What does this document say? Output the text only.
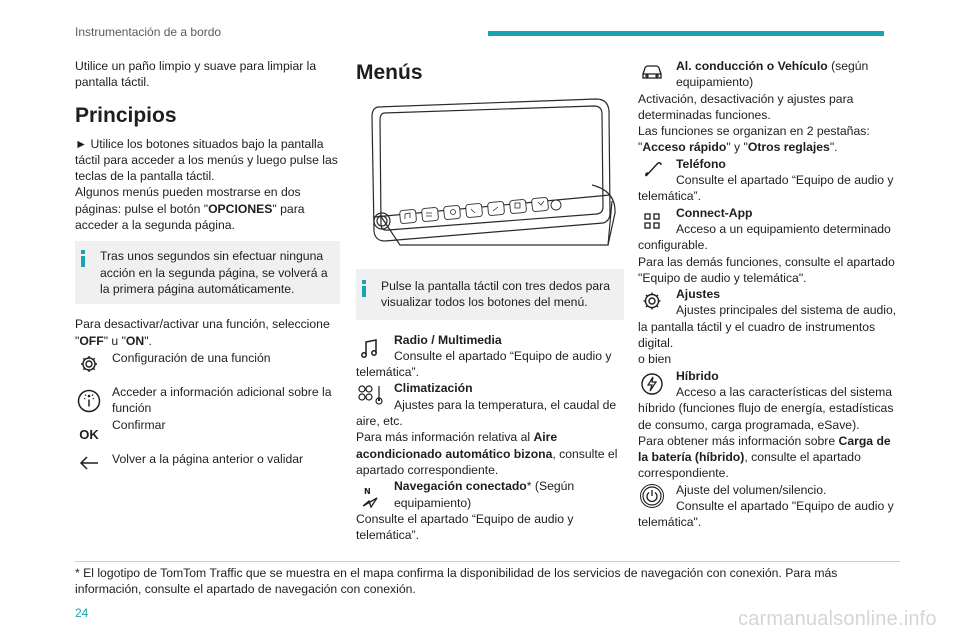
Instrumentación de a bordo

Utilice un paño limpio y suave para limpiar la pantalla táctil.

Principios

► Utilice los botones situados bajo la pantalla táctil para acceder a los menús y luego pulse las teclas de la pantalla táctil.

Algunos menús pueden mostrarse en dos páginas: pulse el botón "OPCIONES" para acceder a la segunda página.

Tras unos segundos sin efectuar ninguna acción en la segunda página, se volverá a la primera página automáticamente.

Para desactivar/activar una función, seleccione "OFF" u "ON".

Configuración de una función

Acceder a información adicional sobre la función

OK

Confirmar

Volver a la página anterior o validar

Menús

Pulse la pantalla táctil con tres dedos para visualizar todos los botones del menú.

Radio / Multimedia

Consulte el apartado “Equipo de audio y

telemática”.

Climatización

Ajustes para la temperatura, el caudal de

aire, etc.

Para más información relativa al Aire acondicionado automático bizona, consulte el apartado correspondiente.

N	Navegación conectado* (Según equipamiento)

Consulte el apartado “Equipo de audio y telemática”.

Al. conducción o Vehículo (según equipamiento)

Activación, desactivación y ajustes para determinadas funciones.

Las funciones se organizan en 2 pestañas: "Acceso rápido" y "Otros reglajes".

Teléfono

Consulte el apartado “Equipo de audio y

telemática”.

Connect-App

Acceso a un equipamiento determinado

configurable.

Para las demás funciones, consulte el apartado "Equipo de audio y telemática".

Ajustes

Ajustes principales del sistema de audio,

la pantalla táctil y el cuadro de instrumentos digital.

o bien

Híbrido

Acceso a las características del sistema

híbrido (funciones flujo de energía, estadísticas de consumo, carga programada, eSave).

Para obtener más información sobre Carga de la batería (híbrido), consulte el apartado correspondiente.

Ajuste del volumen/silencio.

Consulte el apartado "Equipo de audio y

telemática".

* El logotipo de TomTom Traffic que se muestra en el mapa confirma la disponibilidad de los servicios de navegación con conexión. Para más información, consulte el apartado de navegación con conexión.
24	carmanualsonline.info
